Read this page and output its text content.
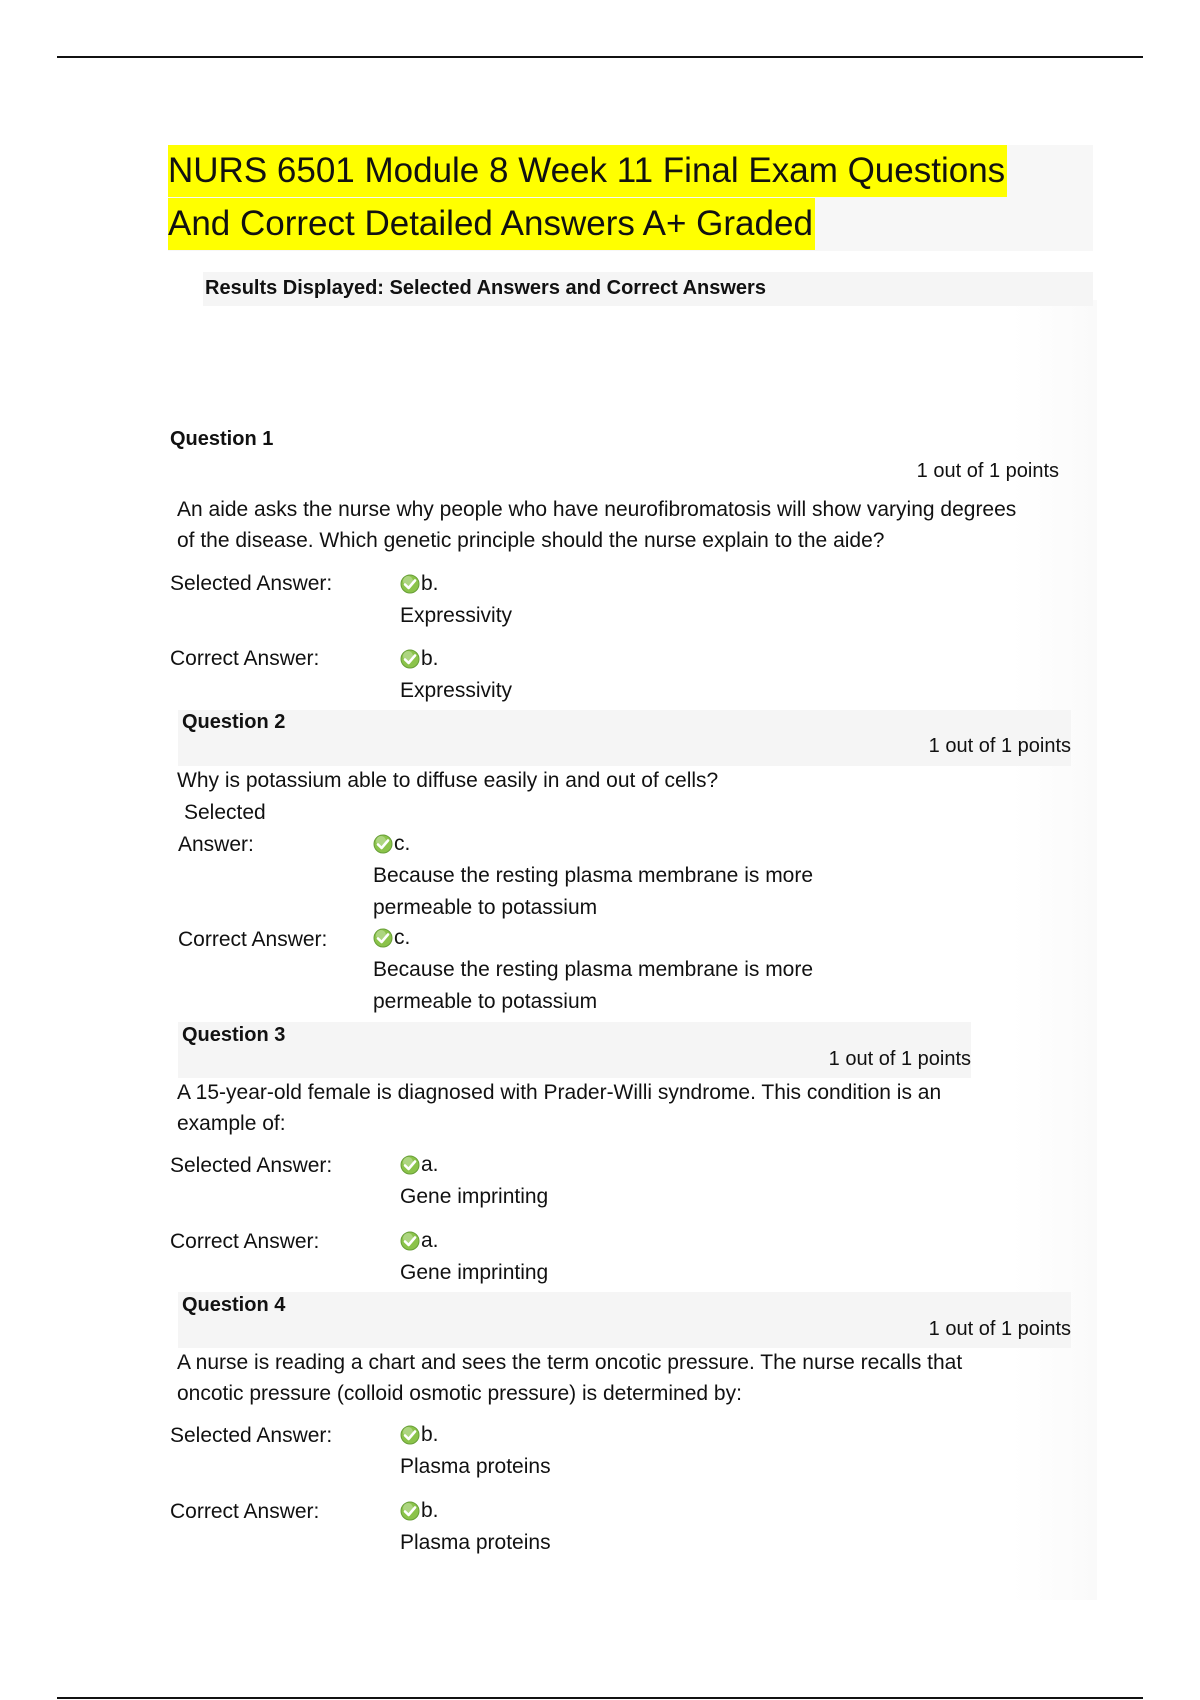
NURS 6501 Module 8 Week 11 Final Exam Questions
And Correct Detailed Answers A+ Graded
Results Displayed: Selected Answers and Correct Answers
Question 1
1 out of 1 points
An aide asks the nurse why people who have neurofibromatosis will show varying degrees of the disease. Which genetic principle should the nurse explain to the aide?
Selected Answer:	b.
Expressivity
Correct Answer:	b.
Expressivity
Question 2
1 out of 1 points
Why is potassium able to diffuse easily in and out of cells?
Selected
Answer:	c.
Because the resting plasma membrane is more permeable to potassium
Correct Answer:	c.
Because the resting plasma membrane is more permeable to potassium
Question 3
1 out of 1 points
A 15-year-old female is diagnosed with Prader-Willi syndrome. This condition is an example of:
Selected Answer:	a.
Gene imprinting
Correct Answer:	a.
Gene imprinting
Question 4
1 out of 1 points
A nurse is reading a chart and sees the term oncotic pressure. The nurse recalls that oncotic pressure (colloid osmotic pressure) is determined by:
Selected Answer:	b.
Plasma proteins
Correct Answer:	b.
Plasma proteins
